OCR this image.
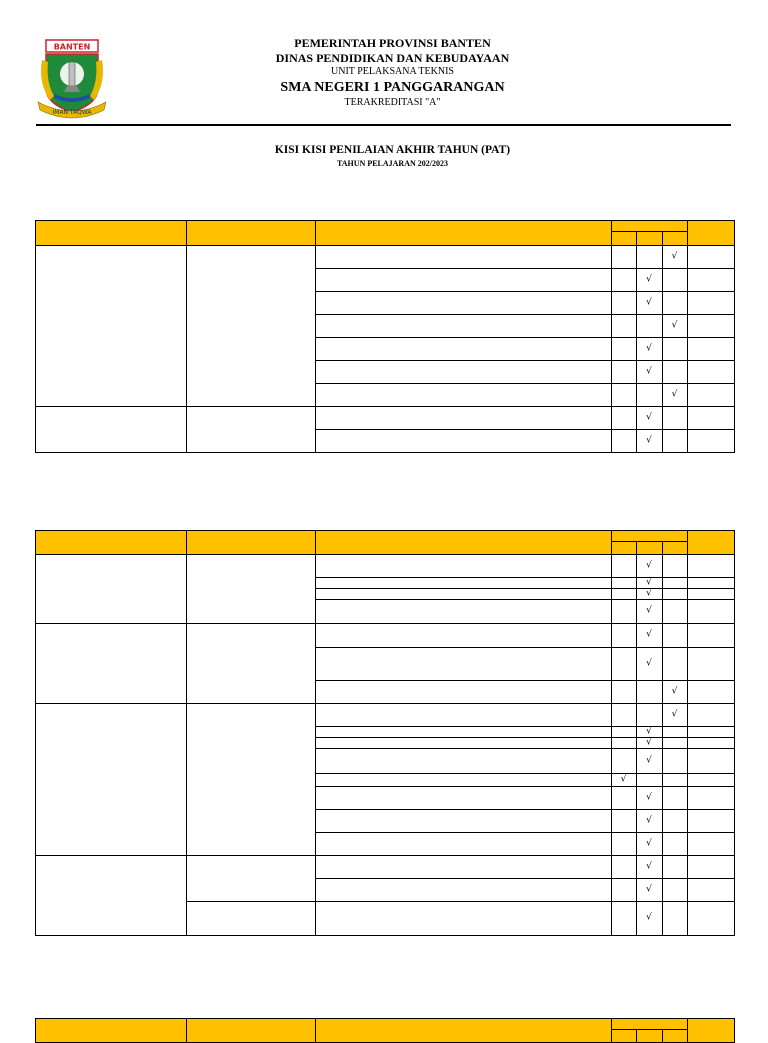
BANTEN
IMAN TAQWA
PEMERINTAH PROVINSI BANTEN
DINAS PENDIDIKAN DAN KEBUDAYAAN
UNIT PELAKSANA TEKNIS
SMA NEGERI 1 PANGGARANGAN
TERAKREDITASI "A"
KISI KISI PENILAIAN AKHIR TAHUN (PAT)
TAHUN PELAJARAN 202/2023
√
√
√
√
√
√
√
√
√
√
√
√
√
√
√
√
√
√
√
√
√
√
√
√
√
√
√
